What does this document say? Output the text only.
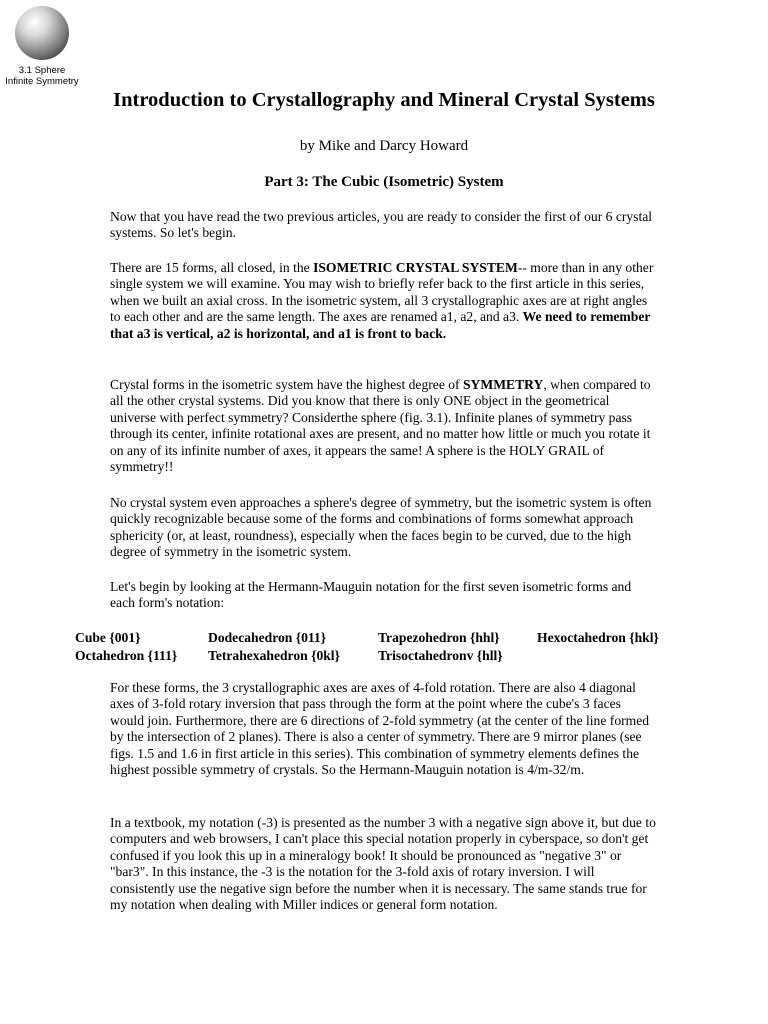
3.1 Sphere
Infinite Symmetry
Introduction to Crystallography and Mineral Crystal Systems

by Mike and Darcy Howard

Part 3: The Cubic (Isometric) System

Now that you have read the two previous articles, you are ready to consider the first of our 6 crystal systems. So let's begin.

There are 15 forms, all closed, in the ISOMETRIC CRYSTAL SYSTEM-- more than in any other single system we will examine. You may wish to briefly refer back to the first article in this series, when we built an axial cross. In the isometric system, all 3 crystallographic axes are at right angles to each other and are the same length. The axes are renamed a1, a2, and a3. We need to remember that a3 is vertical, a2 is horizontal, and a1 is front to back.

Crystal forms in the isometric system have the highest degree of SYMMETRY, when compared to all the other crystal systems. Did you know that there is only ONE object in the geometrical universe with perfect symmetry? Considerthe sphere (fig. 3.1). Infinite planes of symmetry pass through its center, infinite rotational axes are present, and no matter how little or much you rotate it on any of its infinite number of axes, it appears the same! A sphere is the HOLY GRAIL of symmetry!!

No crystal system even approaches a sphere's degree of symmetry, but the isometric system is often quickly recognizable because some of the forms and combinations of forms somewhat approach sphericity (or, at least, roundness), especially when the faces begin to be curved, due to the high degree of symmetry in the isometric system.

Let's begin by looking at the Hermann-Mauguin notation for the first seven isometric forms and each form's notation:

Cube {001}	Dodecahedron {011}	Trapezohedron {hhl}	Hexoctahedron {hkl}
Octahedron {111} Tetrahexahedron {0kl}	Trisoctahedronv {hll}

For these forms, the 3 crystallographic axes are axes of 4-fold rotation. There are also 4 diagonal axes of 3-fold rotary inversion that pass through the form at the point where the cube's 3 faces would join. Furthermore, there are 6 directions of 2-fold symmetry (at the center of the line formed by the intersection of 2 planes). There is also a center of symmetry. There are 9 mirror planes (see figs. 1.5 and 1.6 in first article in this series). This combination of symmetry elements defines the highest possible symmetry of crystals. So the Hermann-Mauguin notation is 4/m-32/m.

In a textbook, my notation (-3) is presented as the number 3 with a negative sign above it, but due to computers and web browsers, I can't place this special notation properly in cyberspace, so don't get confused if you look this up in a mineralogy book! It should be pronounced as "negative 3" or "bar3". In this instance, the -3 is the notation for the 3-fold axis of rotary inversion. I will consistently use the negative sign before the number when it is necessary. The same stands true for my notation when dealing with Miller indices or general form notation.
